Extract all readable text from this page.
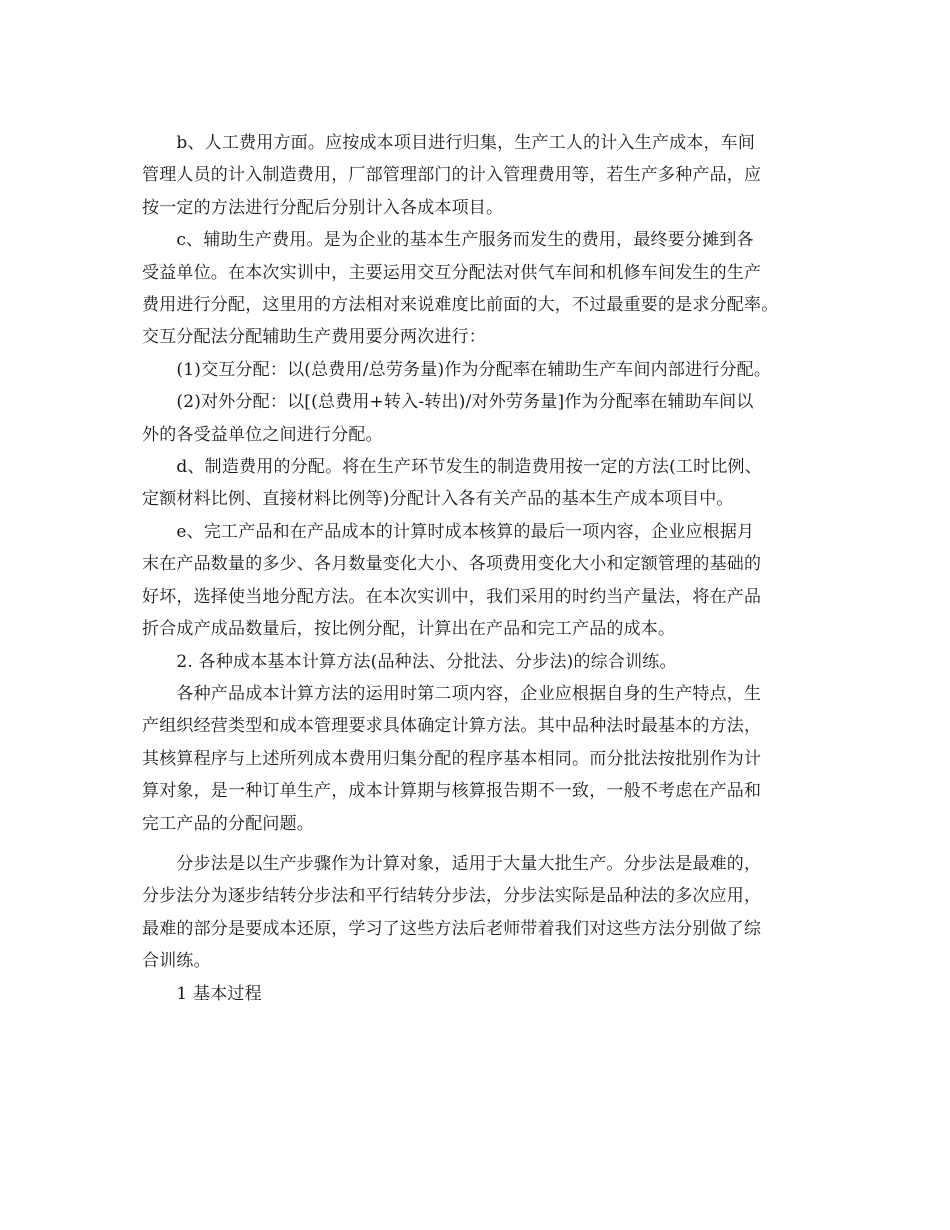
　　b、人工费用方面。应按成本项目进行归集，生产工人的计入生产成本，车间
管理人员的计入制造费用，厂部管理部门的计入管理费用等，若生产多种产品，应
按一定的方法进行分配后分别计入各成本项目。

　　c、辅助生产费用。是为企业的基本生产服务而发生的费用，最终要分摊到各
受益单位。在本次实训中，主要运用交互分配法对供气车间和机修车间发生的生产
费用进行分配，这里用的方法相对来说难度比前面的大，不过最重要的是求分配率。
交互分配法分配辅助生产费用要分两次进行：

　　(1)交互分配：以(总费用/总劳务量)作为分配率在辅助生产车间内部进行分配。

　　(2)对外分配：以[(总费用+转入-转出)/对外劳务量]作为分配率在辅助车间以
外的各受益单位之间进行分配。

　　d、制造费用的分配。将在生产环节发生的制造费用按一定的方法(工时比例、
定额材料比例、直接材料比例等)分配计入各有关产品的基本生产成本项目中。

　　e、完工产品和在产品成本的计算时成本核算的最后一项内容，企业应根据月
末在产品数量的多少、各月数量变化大小、各项费用变化大小和定额管理的基础的
好坏，选择使当地分配方法。在本次实训中，我们采用的时约当产量法，将在产品
折合成产成品数量后，按比例分配，计算出在产品和完工产品的成本。

　　2. 各种成本基本计算方法(品种法、分批法、分步法)的综合训练。

　　各种产品成本计算方法的运用时第二项内容，企业应根据自身的生产特点，生
产组织经营类型和成本管理要求具体确定计算方法。其中品种法时最基本的方法，
其核算程序与上述所列成本费用归集分配的程序基本相同。而分批法按批别作为计
算对象，是一种订单生产，成本计算期与核算报告期不一致，一般不考虑在产品和
完工产品的分配问题。

　　分步法是以生产步骤作为计算对象，适用于大量大批生产。分步法是最难的，
分步法分为逐步结转分步法和平行结转分步法，分步法实际是品种法的多次应用，
最难的部分是要成本还原，学习了这些方法后老师带着我们对这些方法分别做了综
合训练。

　　1 基本过程
